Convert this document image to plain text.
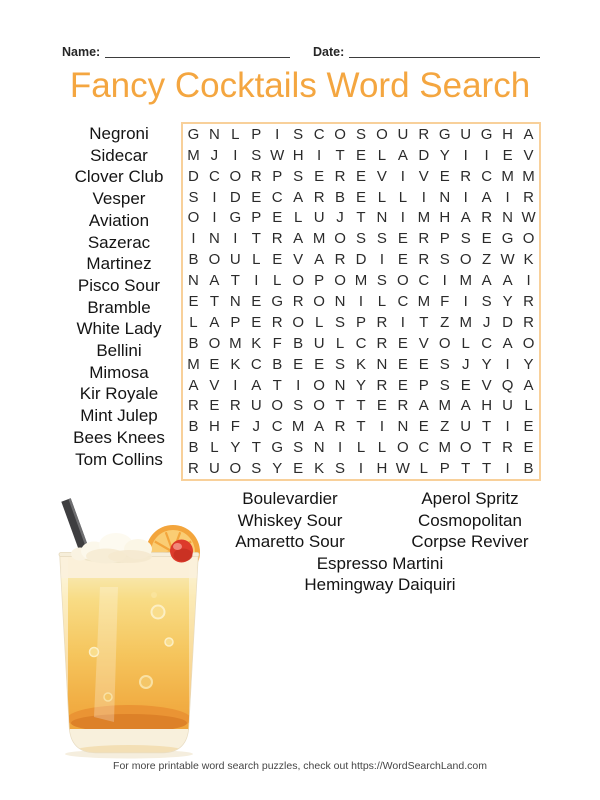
Name:	Date:
Fancy Cocktails Word Search
Negroni
Sidecar
Clover Club
Vesper
Aviation
Sazerac
Martinez
Pisco Sour
Bramble
White Lady
Bellini
Mimosa
Kir Royale
Mint Julep
Bees Knees
Tom Collins
G N L P I S C O S O U R G U G H A
M J	I S W H I T E L A D Y I	I E V
D C O R P S E R E V I V E R C M M
S I D E C A R B E L L I N I A I R
O I G P E L U J T N I M H A R N W
I N I T R A M O S S E R P S E G O
B O U L E V A R D I E R S O Z W K
N A T I L O P O M S O C I M A A I
E T N E G R O N I L C M F I S Y R
L A P E R O L S P R I T Z M J D R
B O M K F B U L C R E V O L C A O
M E K C B E E S K N E E S J Y I Y
A V I A T I O N Y R E P S E V Q A
R E R U O S O T T E R A M A H U L
B H F J C M A R T I N E Z U T I E
B L Y T G S N I L L O C M O T R E
R U O S Y E K S I H W L P T T I B
Boulevardier	Aperol Spritz
Whiskey Sour	Cosmopolitan
Amaretto Sour	Corpse Reviver
Espresso Martini
Hemingway Daiquiri
For more printable word search puzzles, check out https://WordSearchLand.com
